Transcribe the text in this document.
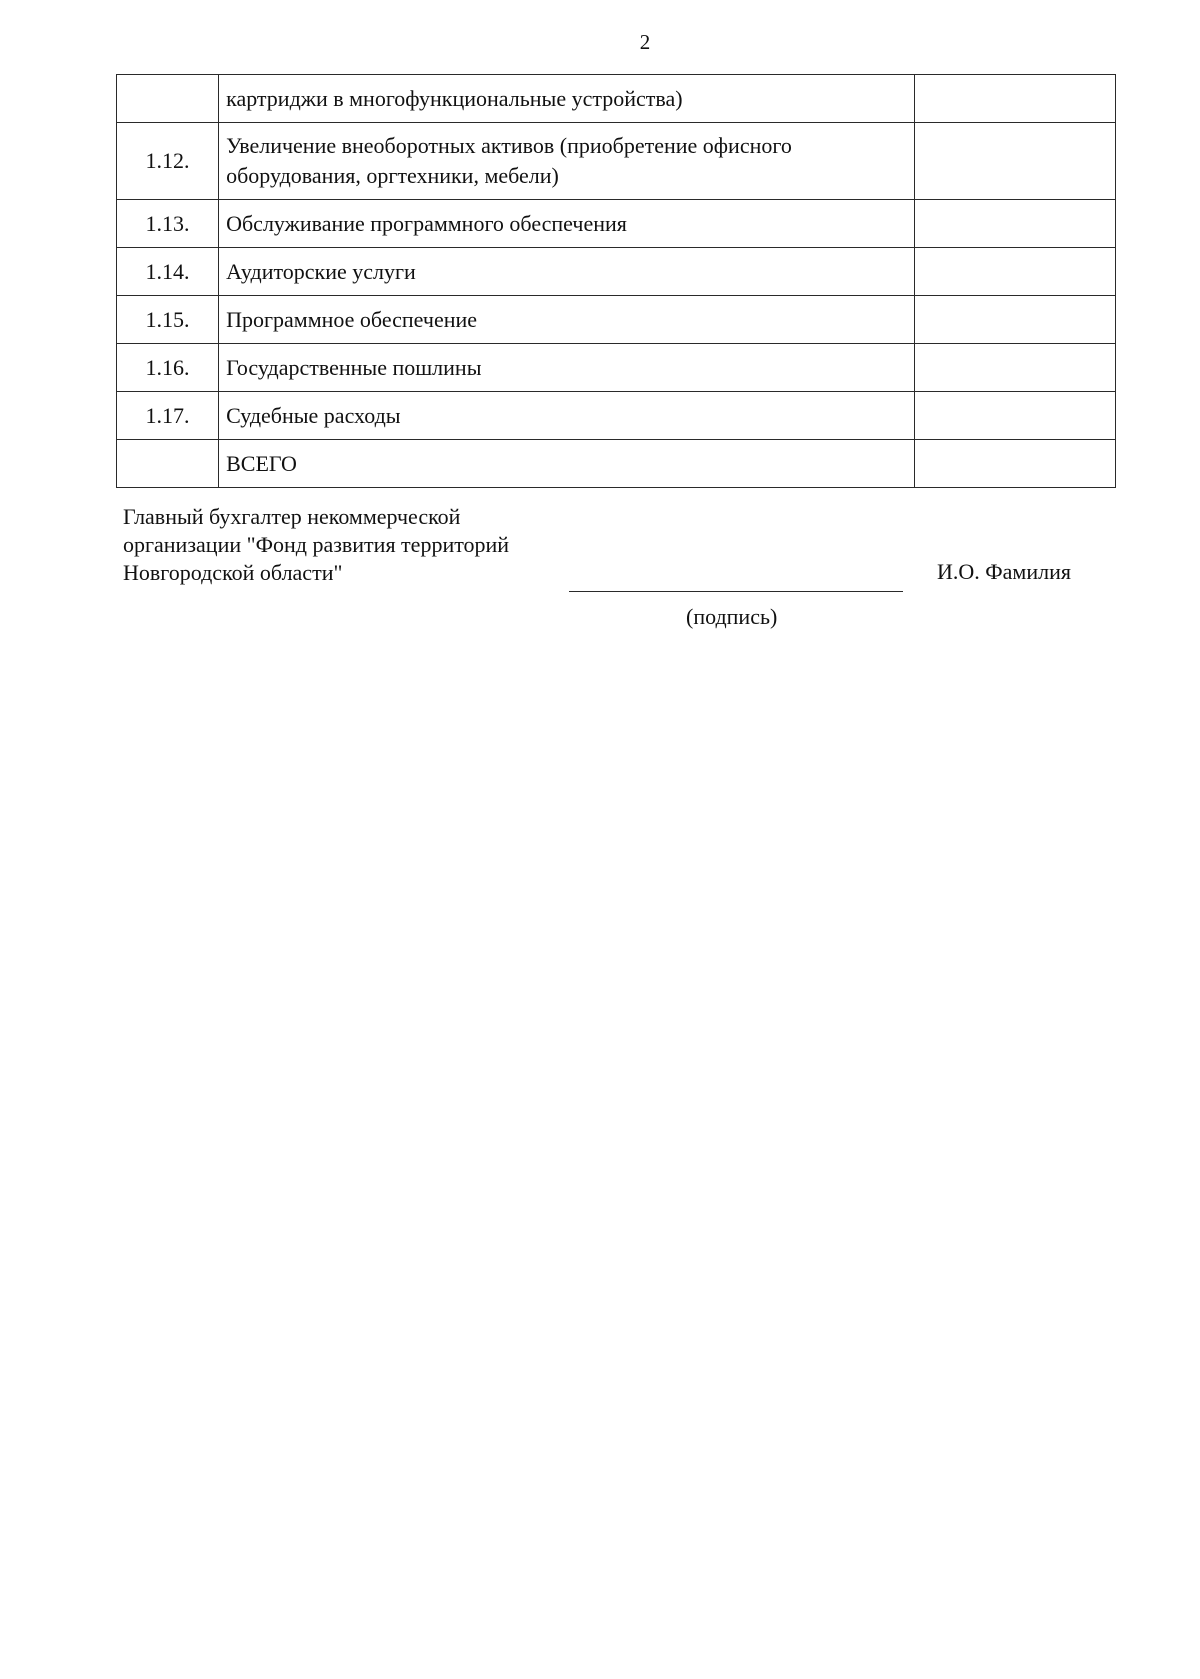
2
	картриджи в многофункциональные устройства)	
1.12.	Увеличение внеоборотных активов (приобретение офисного оборудования, оргтехники, мебели)	
1.13.	Обслуживание программного обеспечения	
1.14.	Аудиторские услуги	
1.15.	Программное обеспечение	
1.16.	Государственные пошлины	
1.17.	Судебные расходы	
	ВСЕГО	
Главный бухгалтер некоммерческой
организации "Фонд развития территорий
Новгородской области"	И.О. Фамилия
(подпись)
